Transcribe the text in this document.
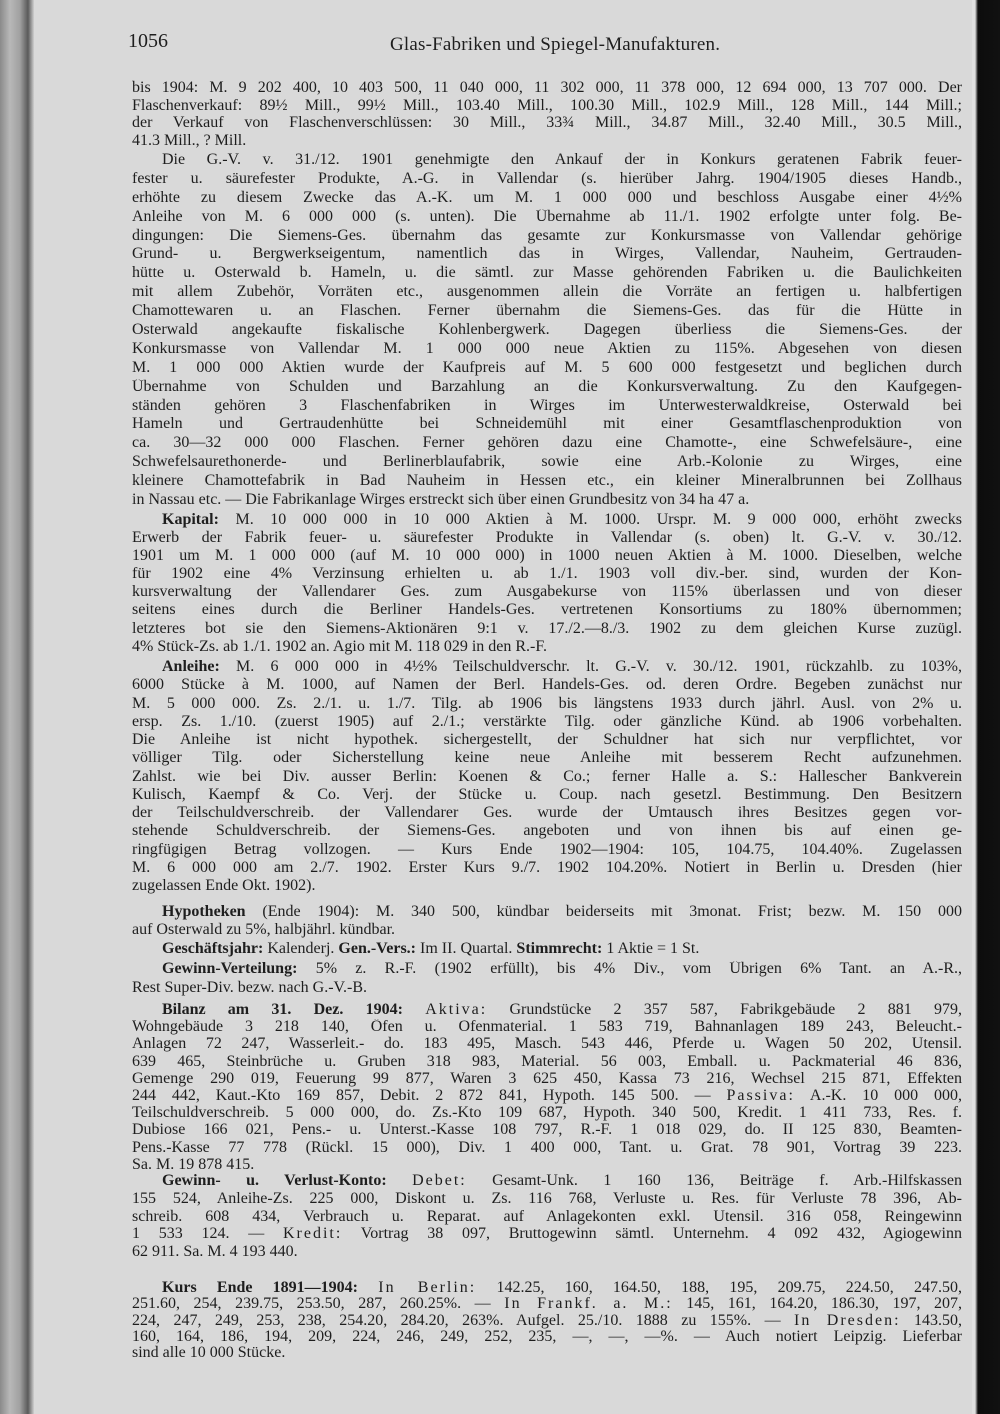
1056	Glas-Fabriken und Spiegel-Manufakturen.
bis 1904: M. 9 202 400, 10 403 500, 11 040 000, 11 302 000, 11 378 000, 12 694 000, 13 707 000. Der
Flaschenverkauf: 89½ Mill., 99½ Mill., 103.40 Mill., 100.30 Mill., 102.9 Mill., 128 Mill., 144 Mill.;
der Verkauf von Flaschenverschlüssen: 30 Mill., 33¾ Mill., 34.87 Mill., 32.40 Mill., 30.5 Mill.,
41.3 Mill., ? Mill.
Die G.-V. v. 31./12. 1901 genehmigte den Ankauf der in Konkurs geratenen Fabrik feuer-
fester u. säurefester Produkte, A.-G. in Vallendar (s. hierüber Jahrg. 1904/1905 dieses Handb.,
erhöhte zu diesem Zwecke das A.-K. um M. 1 000 000 und beschloss Ausgabe einer 4½%
Anleihe von M. 6 000 000 (s. unten). Die Übernahme ab 11./1. 1902 erfolgte unter folg. Be-
dingungen: Die Siemens-Ges. übernahm das gesamte zur Konkursmasse von Vallendar gehörige
Grund- u. Bergwerkseigentum, namentlich das in Wirges, Vallendar, Nauheim, Gertrauden-
hütte u. Osterwald b. Hameln, u. die sämtl. zur Masse gehörenden Fabriken u. die Baulichkeiten
mit allem Zubehör, Vorräten etc., ausgenommen allein die Vorräte an fertigen u. halbfertigen
Chamottewaren u. an Flaschen. Ferner übernahm die Siemens-Ges. das für die Hütte in
Osterwald angekaufte fiskalische Kohlenbergwerk. Dagegen überliess die Siemens-Ges. der
Konkursmasse von Vallendar M. 1 000 000 neue Aktien zu 115%. Abgesehen von diesen
M. 1 000 000 Aktien wurde der Kaufpreis auf M. 5 600 000 festgesetzt und beglichen durch
Übernahme von Schulden und Barzahlung an die Konkursverwaltung. Zu den Kaufgegen-
ständen gehören 3 Flaschenfabriken in Wirges im Unterwesterwaldkreise, Osterwald bei
Hameln und Gertraudenhütte bei Schneidemühl mit einer Gesamtflaschenproduktion von
ca. 30—32 000 000 Flaschen. Ferner gehören dazu eine Chamotte-, eine Schwefelsäure-, eine
Schwefelsaurethonerde- und Berlinerblaufabrik, sowie eine Arb.-Kolonie zu Wirges, eine
kleinere Chamottefabrik in Bad Nauheim in Hessen etc., ein kleiner Mineralbrunnen bei Zollhaus
in Nassau etc. — Die Fabrikanlage Wirges erstreckt sich über einen Grundbesitz von 34 ha 47 a.
Kapital: M. 10 000 000 in 10 000 Aktien à M. 1000. Urspr. M. 9 000 000, erhöht zwecks
Erwerb der Fabrik feuer- u. säurefester Produkte in Vallendar (s. oben) lt. G.-V. v. 30./12.
1901 um M. 1 000 000 (auf M. 10 000 000) in 1000 neuen Aktien à M. 1000. Dieselben, welche
für 1902 eine 4% Verzinsung erhielten u. ab 1./1. 1903 voll div.-ber. sind, wurden der Kon-
kursverwaltung der Vallendarer Ges. zum Ausgabekurse von 115% überlassen und von dieser
seitens eines durch die Berliner Handels-Ges. vertretenen Konsortiums zu 180% übernommen;
letzteres bot sie den Siemens-Aktionären 9:1 v. 17./2.—8./3. 1902 zu dem gleichen Kurse zuzügl.
4% Stück-Zs. ab 1./1. 1902 an. Agio mit M. 118 029 in den R.-F.
Anleihe: M. 6 000 000 in 4½% Teilschuldverschr. lt. G.-V. v. 30./12. 1901, rückzahlb. zu 103%,
6000 Stücke à M. 1000, auf Namen der Berl. Handels-Ges. od. deren Ordre. Begeben zunächst nur
M. 5 000 000. Zs. 2./1. u. 1./7. Tilg. ab 1906 bis längstens 1933 durch jährl. Ausl. von 2% u.
ersp. Zs. 1./10. (zuerst 1905) auf 2./1.; verstärkte Tilg. oder gänzliche Künd. ab 1906 vorbehalten.
Die Anleihe ist nicht hypothek. sichergestellt, der Schuldner hat sich nur verpflichtet, vor
völliger Tilg. oder Sicherstellung keine neue Anleihe mit besserem Recht aufzunehmen.
Zahlst. wie bei Div. ausser Berlin: Koenen & Co.; ferner Halle a. S.: Hallescher Bankverein
Kulisch, Kaempf & Co. Verj. der Stücke u. Coup. nach gesetzl. Bestimmung. Den Besitzern
der Teilschuldverschreib. der Vallendarer Ges. wurde der Umtausch ihres Besitzes gegen vor-
stehende Schuldverschreib. der Siemens-Ges. angeboten und von ihnen bis auf einen ge-
ringfügigen Betrag vollzogen. — Kurs Ende 1902—1904: 105, 104.75, 104.40%. Zugelassen
M. 6 000 000 am 2./7. 1902. Erster Kurs 9./7. 1902 104.20%. Notiert in Berlin u. Dresden (hier
zugelassen Ende Okt. 1902).
Hypotheken (Ende 1904): M. 340 500, kündbar beiderseits mit 3monat. Frist; bezw. M. 150 000
auf Osterwald zu 5%, halbjährl. kündbar.
Geschäftsjahr: Kalenderj. Gen.-Vers.: Im II. Quartal. Stimmrecht: 1 Aktie = 1 St.
Gewinn-Verteilung: 5% z. R.-F. (1902 erfüllt), bis 4% Div., vom Übrigen 6% Tant. an A.-R.,
Rest Super-Div. bezw. nach G.-V.-B.
Bilanz am 31. Dez. 1904: Aktiva: Grundstücke 2 357 587, Fabrikgebäude 2 881 979,
Wohngebäude 3 218 140, Öfen u. Ofenmaterial. 1 583 719, Bahnanlagen 189 243, Beleucht.-
Anlagen 72 247, Wasserleit.- do. 183 495, Masch. 543 446, Pferde u. Wagen 50 202, Utensil.
639 465, Steinbrüche u. Gruben 318 983, Material. 56 003, Emball. u. Packmaterial 46 836,
Gemenge 290 019, Feuerung 99 877, Waren 3 625 450, Kassa 73 216, Wechsel 215 871, Effekten
244 442, Kaut.-Kto 169 857, Debit. 2 872 841, Hypoth. 145 500. — Passiva: A.-K. 10 000 000,
Teilschuldverschreib. 5 000 000, do. Zs.-Kto 109 687, Hypoth. 340 500, Kredit. 1 411 733, Res. f.
Dubiose 166 021, Pens.- u. Unterst.-Kasse 108 797, R.-F. 1 018 029, do. II 125 830, Beamten-
Pens.-Kasse 77 778 (Rückl. 15 000), Div. 1 400 000, Tant. u. Grat. 78 901, Vortrag 39 223.
Sa. M. 19 878 415.
Gewinn- u. Verlust-Konto: Debet: Gesamt-Unk. 1 160 136, Beiträge f. Arb.-Hilfskassen
155 524, Anleihe-Zs. 225 000, Diskont u. Zs. 116 768, Verluste u. Res. für Verluste 78 396, Ab-
schreib. 608 434, Verbrauch u. Reparat. auf Anlagekonten exkl. Utensil. 316 058, Reingewinn
1 533 124. — Kredit: Vortrag 38 097, Bruttogewinn sämtl. Unternehm. 4 092 432, Agiogewinn
62 911. Sa. M. 4 193 440.
Kurs Ende 1891—1904: In Berlin: 142.25, 160, 164.50, 188, 195, 209.75, 224.50, 247.50,
251.60, 254, 239.75, 253.50, 287, 260.25%. — In Frankf. a. M.: 145, 161, 164.20, 186.30, 197, 207,
224, 247, 249, 253, 238, 254.20, 284.20, 263%. Aufgel. 25./10. 1888 zu 155%. — In Dresden: 143.50,
160, 164, 186, 194, 209, 224, 246, 249, 252, 235, —, —, —%. — Auch notiert Leipzig. Lieferbar
sind alle 10 000 Stücke.
